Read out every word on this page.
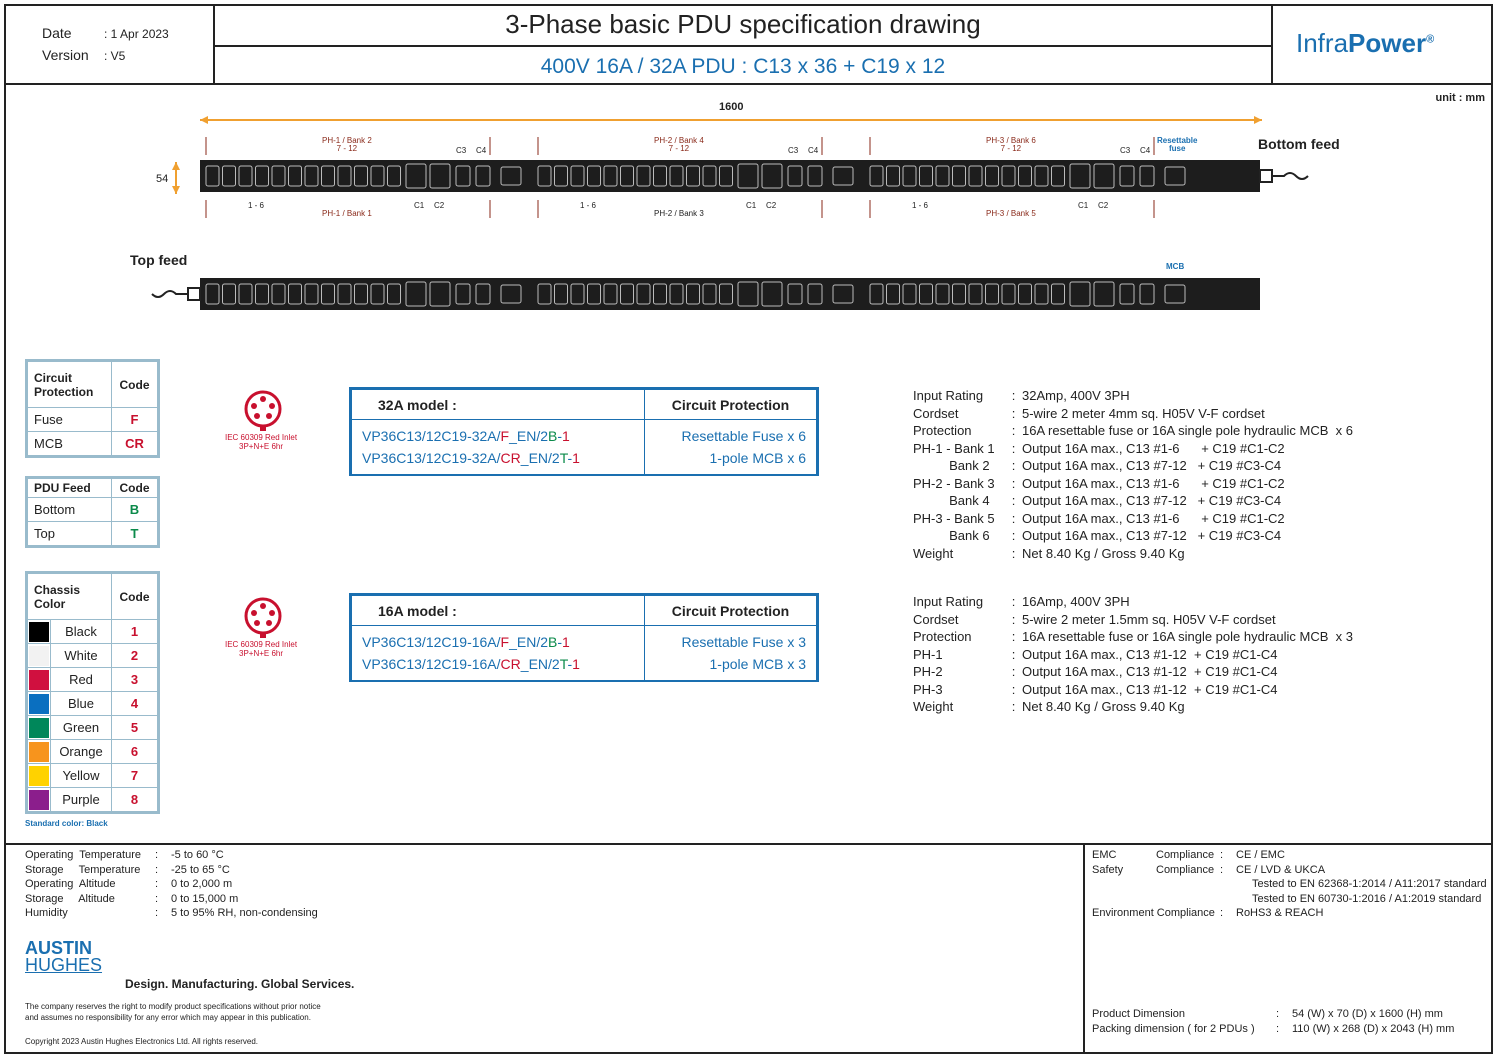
Date	: 1 Apr 2023
Version : V5
3-Phase basic PDU specification drawing
400V 16A / 32A PDU : C13 x 36 + C19 x 12
InfraPower®
unit : mm
1600
54
Bottom feed
Top feed	MCB
Resettable
fuse
PH-1 / Bank 2
7 - 12
PH-2 / Bank 4
7 - 12
PH-3 / Bank 6
7 - 12
PH-1 / Bank 1	PH-2 / Bank 3	PH-3 / Bank 5
1 - 6	1 - 6	1 - 6
C3 C4	C3 C4	C3 C4
C1 C2	C1 C2	C1 C2
Circuit Protection	Code
Fuse	F
MCB	CR
PDU Feed	Code
Bottom	B
Top	T
Chassis Color		Code
	Black	1
	White	2
	Red	3
	Blue	4
	Green	5
	Orange	6
	Yellow	7
	Purple	8
Standard color: Black
IEC 60309 Red Inlet
3P+N+E 6hr
IEC 60309 Red Inlet
3P+N+E 6hr
32A model :	Circuit Protection
VP36C13/12C19-32A/F_EN/2B-1	Resettable Fuse x 6
VP36C13/12C19-32A/CR_EN/2T-1	1-pole MCB x 6
16A model :	Circuit Protection
VP36C13/12C19-16A/F_EN/2B-1	Resettable Fuse x 3
VP36C13/12C19-16A/CR_EN/2T-1	1-pole MCB x 3
Input Rating : 32Amp, 400V 3PH
Cordset	: 5-wire 2 meter 4mm sq. H05V V-F cordset
Protection	: 16A resettable fuse or 16A single pole hydraulic MCB  x 6
PH-1 - Bank 1 : Output 16A max., C13 #1-6      + C19 #C1-C2
Bank 2 : Output 16A max., C13 #7-12   + C19 #C3-C4
PH-2 - Bank 3 : Output 16A max., C13 #1-6      + C19 #C1-C2
Bank 4 : Output 16A max., C13 #7-12   + C19 #C3-C4
PH-3 - Bank 5 : Output 16A max., C13 #1-6      + C19 #C1-C2
Bank 6 : Output 16A max., C13 #7-12   + C19 #C3-C4
Weight	: Net 8.40 Kg / Gross 9.40 Kg
Input Rating : 16Amp, 400V 3PH
Cordset	: 5-wire 2 meter 1.5mm sq. H05V V-F cordset
Protection	: 16A resettable fuse or 16A single pole hydraulic MCB  x 3
PH-1	: Output 16A max., C13 #1-12  + C19 #C1-C4
PH-2	: Output 16A max., C13 #1-12  + C19 #C1-C4
PH-3	: Output 16A max., C13 #1-12  + C19 #C1-C4
Weight	: Net 8.40 Kg / Gross 9.40 Kg
Operating  Temperature : -5 to 60 °C
Storage     Temperature : -25 to 65 °C
Operating  Altitude	: 0 to 2,000 m
Storage     Altitude	: 0 to 15,000 m
Humidity	: 5 to 95% RH, non-condensing
AUSTIN
HUGHES
Design. Manufacturing. Global Services.
The company reserves the right to modify product specifications without prior notice
and assumes no responsibility for any error which may appear in this publication.
Copyright 2023 Austin Hughes Electronics Ltd. All rights reserved.
EMC	Compliance : CE / EMC
Safety	Compliance : CE / LVD & UKCA
Tested to EN 62368-1:2014 / A11:2017 standard
Tested to EN 60730-1:2016 / A1:2019 standard
Environment Compliance : RoHS3 & REACH
Product Dimension	: 54 (W) x 70 (D) x 1600 (H) mm
Packing dimension ( for 2 PDUs ) : 110 (W) x 268 (D) x 2043 (H) mm
